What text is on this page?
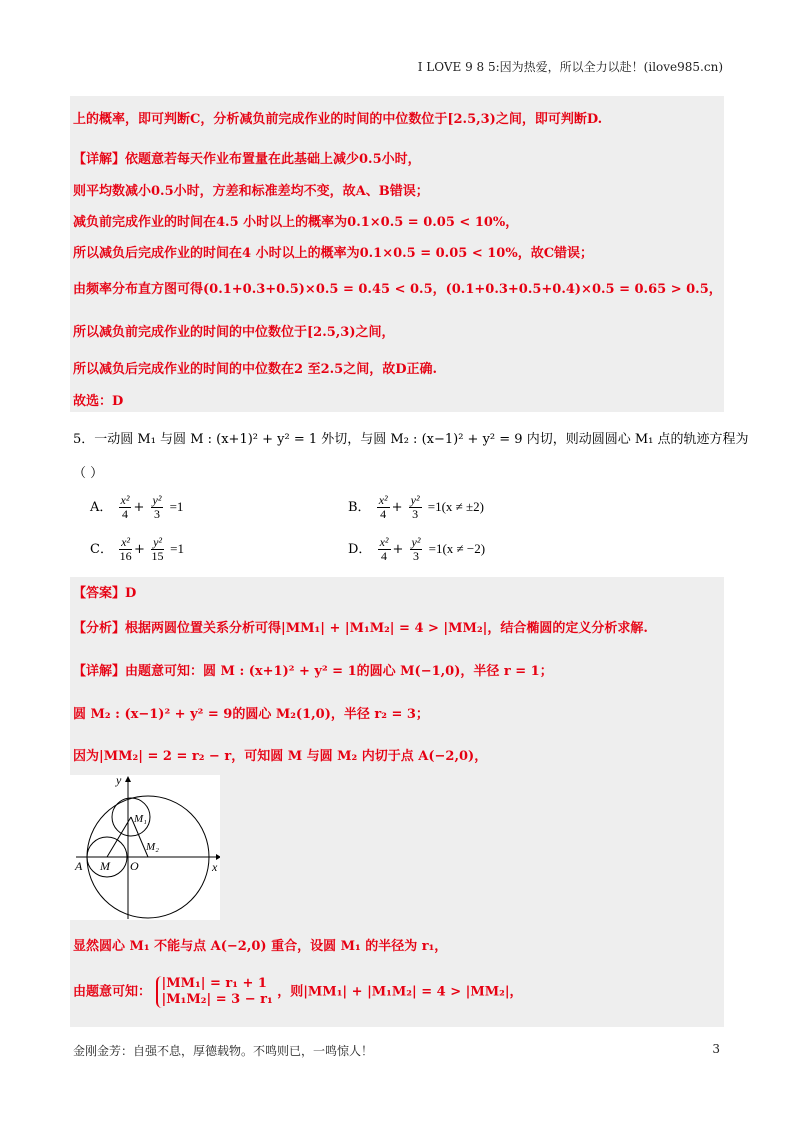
I LOVE 9 8 5:因为热爱，所以全力以赴！(ilove985.cn)
上的概率，即可判断C，分析减负前完成作业的时间的中位数位于[2.5,3)之间，即可判断D.
【详解】依题意若每天作业布置量在此基础上减少0.5小时，
则平均数减小0.5小时，方差和标准差均不变，故A、B错误；
减负前完成作业的时间在4.5 小时以上的概率为0.1×0.5 = 0.05 < 10%，
所以减负后完成作业的时间在4 小时以上的概率为0.1×0.5 = 0.05 < 10%，故C错误；
由频率分布直方图可得(0.1+0.3+0.5)×0.5 = 0.45 < 0.5，(0.1+0.3+0.5+0.4)×0.5 = 0.65 > 0.5，
所以减负前完成作业的时间的中位数位于[2.5,3)之间，
所以减负后完成作业的时间的中位数在2 至2.5之间，故D正确.
故选：D
5．一动圆 M₁ 与圆 M : (x+1)² + y² = 1 外切，与圆 M₂ : (x−1)² + y² = 9 内切，则动圆圆心 M₁ 点的轨迹方程为
（ ）
A． $\frac{\text{x²}}{4} + \frac{\text{y²}}{3} =1$	B． $\frac{\text{x²}}{4} + \frac{\text{y²}}{3} =1(x \ne \pm 2)$
C． $\frac{\text{x²}}{16} + \frac{\text{y²}}{15} =1$	D． $\frac{\text{x²}}{4} + \frac{\text{y²}}{3} =1(x \ne -2)$
【答案】D
【分析】根据两圆位置关系分析可得|MM₁| + |M₁M₂| = 4 > |MM₂|，结合椭圆的定义分析求解.
【详解】由题意可知：圆 M : (x+1)² + y² = 1的圆心 M(−1,0)，半径 r = 1；
圆 M₂ : (x−1)² + y² = 9的圆心 M₂(1,0)，半径 r₂ = 3；
因为|MM₂| = 2 = r₂ − r，可知圆 M 与圆 M₂ 内切于点 A(−2,0)，
y
x
A M O
M₁
M₂
显然圆心 M₁ 不能与点 A(−2,0) 重合，设圆 M₁ 的半径为 r₁，
由题意可知：
|MM₁| = r₁ + 1
|M₁M₂| = 3 − r₁ ，则|MM₁| + |M₁M₂| = 4 > |MM₂|，
金刚金芳：自强不息，厚德载物。不鸣则已，一鸣惊人！	3
